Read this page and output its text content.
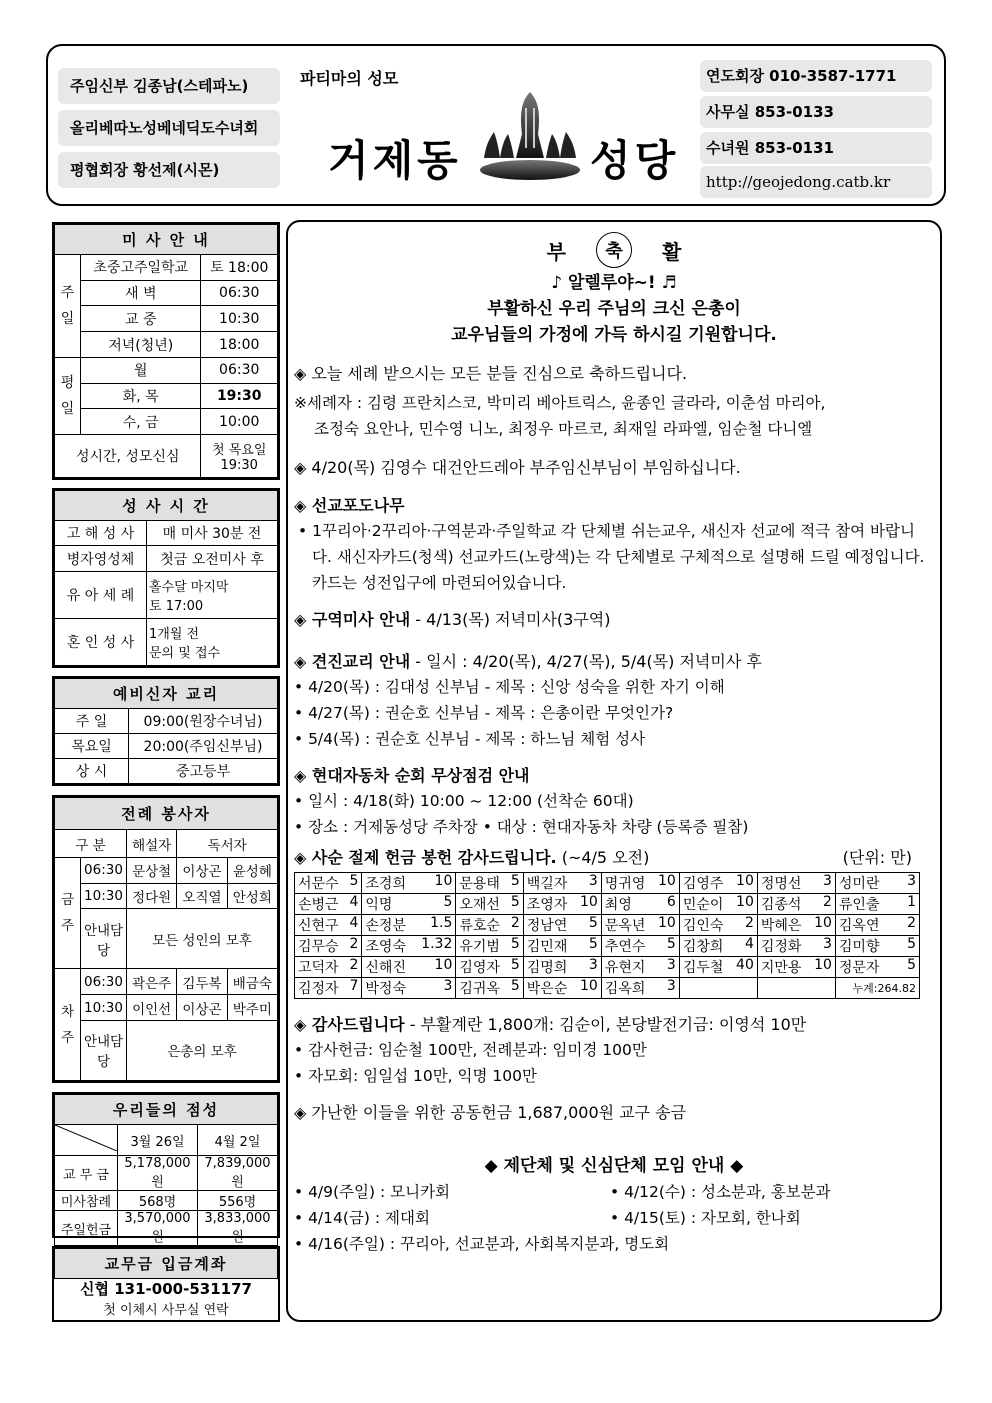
주임신부 김종남(스테파노)
올리베따노성베네딕도수녀회
평협회장 황선제(시몬)
파티마의 성모
거제동	성당
연도회장 010-3587-1771
사무실 853-0133
수녀원 853-0131
http://geojedong.catb.kr
미 사 안 내		
주일	초중고주일학교	토 18:00
	새 벽	06:30
	교 중	10:30
	저녁(청년)	18:00
평일	월	06:30
	화, 목	19:30
	수, 금	10:00
성시간, 성모신심		첫 목요일
19:30
성 사 시 간	
고 해 성 사	매 미사 30분 전
병자영성체	첫금 오전미사 후
유 아 세 례	홀수달 마지막
토 17:00
혼 인 성 사	1개월 전
문의 및 접수
예비신자 교리	
주 일	09:00(원장수녀님)
목요일	20:00(주임신부님)
상 시	중고등부
전례 봉사자				
구 분		해설자	독서자	
금주	06:30	문상철	이상곤	윤성혜
	10:30	정다원	오직열	안성희
	안내담당	모든 성인의 모후		
차주	06:30	곽은주	김두복	배금숙
	10:30	이인선	이상곤	박주미
	안내담당	은총의 모후		
우리들의 점성		
	3월 26일	4월 2일
교 무 금	5,178,000원	7,839,000원
미사참례	568명	556명
주일헌금	3,570,000원	3,833,000원
교무금 입금계좌
신협 131-000-531177
첫 이체시 사무실 연락
부	축	활
♪ 알렐루야~! ♬
부활하신 우리 주님의 크신 은총이
교우님들의 가정에 가득 하시길 기원합니다.
◈ 오늘 세례 받으시는 모든 분들 진심으로 축하드립니다.
※세례자 : 김령 프란치스코, 박미리 베아트릭스, 윤종인 글라라, 이춘섬 마리아,
조정숙 요안나, 민수영 니노, 최정우 마르코, 최재일 라파엘, 임순철 다니엘
◈ 4/20(목) 김영수 대건안드레아 부주임신부님이 부임하십니다.
◈ 선교포도나무
• 1꾸리아·2꾸리아·구역분과·주일학교 각 단체별 쉬는교우, 새신자 선교에 적극 참여 바랍니다. 새신자카드(청색) 선교카드(노랑색)는 각 단체별로 구체적으로 설명해 드릴 예정입니다. 카드는 성전입구에 마련되어있습니다.
◈ 구역미사 안내 - 4/13(목) 저녁미사(3구역)
◈ 견진교리 안내 - 일시 : 4/20(목), 4/27(목), 5/4(목) 저녁미사 후
• 4/20(목) : 김대성 신부님 - 제목 : 신앙 성숙을 위한 자기 이해
• 4/27(목) : 권순호 신부님 - 제목 : 은총이란 무엇인가?
• 5/4(목) : 권순호 신부님 - 제목 : 하느님 체험 성사
◈ 현대자동차 순회 무상점검 안내
• 일시 : 4/18(화) 10:00 ~ 12:00 (선착순 60대)
• 장소 : 거제동성당 주차장 • 대상 : 현대자동차 차량 (등록증 필참)
◈ 사순 절제 헌금 봉헌 감사드립니다. (~4/5 오전)	(단위: 만)
서문수 5	조경희 10	문용태 5	백길자 3	명귀영 10	김영주 10	정명선 3	성미란 3

손병근 4	익명 5	오재선 5	조영자 10	최영 6	민순이 10	김종석 2	류인출 1

신현구 4	손정분 1.5	류호순 2	정남연 5	문옥년 10	김인숙 2	박혜은 10	김옥연 2

김무승 2	조영숙 1.32	유기범 5	김민재 5	추연수 5	김창희 4	김정화 3	김미향 5

고덕자 2	신해진 10	김영자 5	김명희 3	유현지 3	김두철 40	지만용 10	정문자 5

김정자 7	박정숙 3	김귀옥 5	박은순 10	김옥희 3			누계:264.82
◈ 감사드립니다 - 부활계란 1,800개: 김순이, 본당발전기금: 이영석 10만
• 감사헌금: 임순철 100만, 전례분과: 임미경 100만
• 자모회: 임일섭 10만, 익명 100만
◈ 가난한 이들을 위한 공동헌금 1,687,000원 교구 송금
◆ 제단체 및 신심단체 모임 안내 ◆
• 4/9(주일) : 모니카회	• 4/12(수) : 성소분과, 홍보분과
• 4/14(금) : 제대회	• 4/15(토) : 자모회, 한나회
• 4/16(주일) : 꾸리아, 선교분과, 사회복지분과, 명도회
